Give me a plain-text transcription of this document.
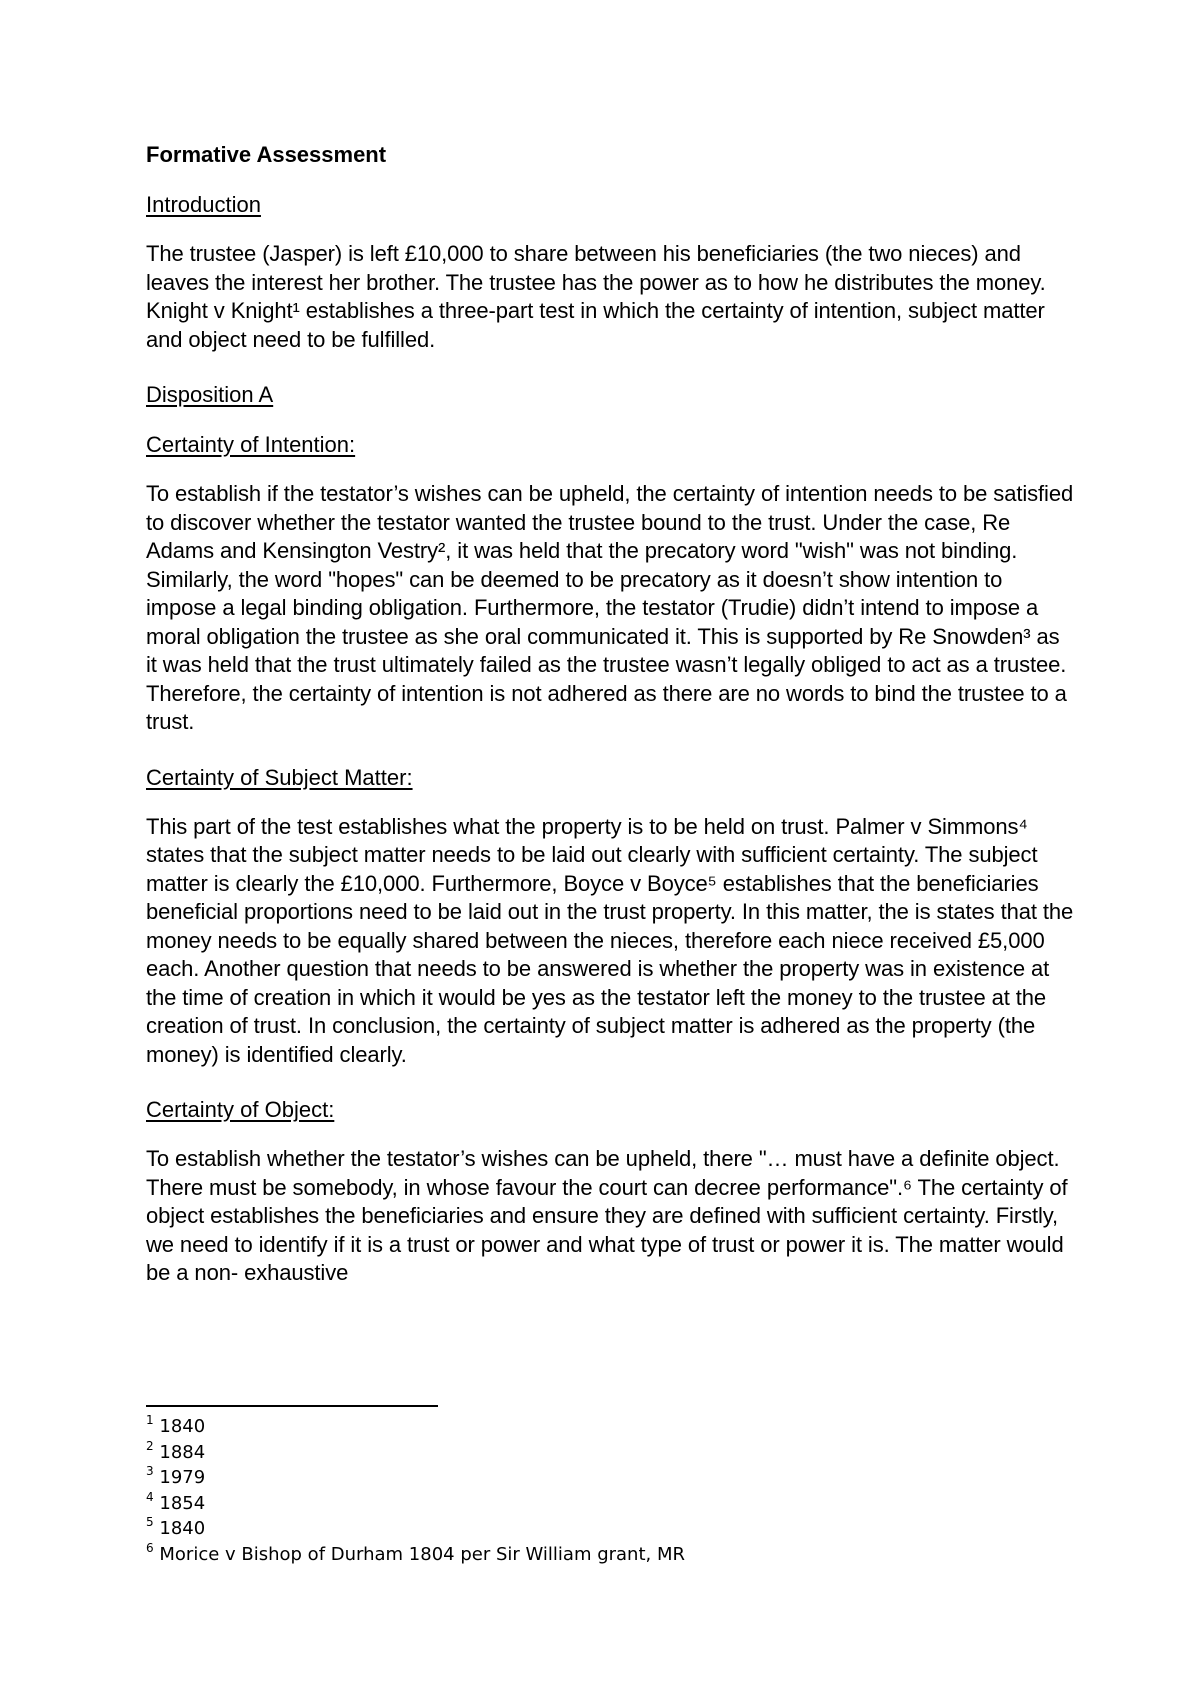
Formative Assessment
Introduction
The trustee (Jasper) is left £10,000 to share between his beneficiaries (the two nieces) and leaves the interest her brother. The trustee has the power as to how he distributes the money. Knight v Knight¹ establishes a three-part test in which the certainty of intention, subject matter and object need to be fulfilled.
Disposition A
Certainty of Intention:
To establish if the testator’s wishes can be upheld, the certainty of intention needs to be satisfied to discover whether the testator wanted the trustee bound to the trust. Under the case, Re Adams and Kensington Vestry², it was held that the precatory word "wish" was not binding. Similarly, the word "hopes" can be deemed to be precatory as it doesn’t show intention to impose a legal binding obligation. Furthermore, the testator (Trudie) didn’t intend to impose a moral obligation the trustee as she oral communicated it. This is supported by Re Snowden³ as it was held that the trust ultimately failed as the trustee wasn’t legally obliged to act as a trustee. Therefore, the certainty of intention is not adhered as there are no words to bind the trustee to a trust.
Certainty of Subject Matter:
This part of the test establishes what the property is to be held on trust. Palmer v Simmons⁴ states that the subject matter needs to be laid out clearly with sufficient certainty. The subject matter is clearly the £10,000. Furthermore, Boyce v Boyce⁵ establishes that the beneficiaries beneficial proportions need to be laid out in the trust property. In this matter, the is states that the money needs to be equally shared between the nieces, therefore each niece received £5,000 each. Another question that needs to be answered is whether the property was in existence at the time of creation in which it would be yes as the testator left the money to the trustee at the creation of trust. In conclusion, the certainty of subject matter is adhered as the property (the money) is identified clearly.
Certainty of Object:
To establish whether the testator’s wishes can be upheld, there "… must have a definite object. There must be somebody, in whose favour the court can decree performance".⁶ The certainty of object establishes the beneficiaries and ensure they are defined with sufficient certainty. Firstly, we need to identify if it is a trust or power and what type of trust or power it is. The matter would be a non- exhaustive
$^1$ 1840
$^2$ 1884
$^3$ 1979
$^4$ 1854
$^5$ 1840
$^6$ Morice v Bishop of Durham 1804 per Sir William grant, MR
